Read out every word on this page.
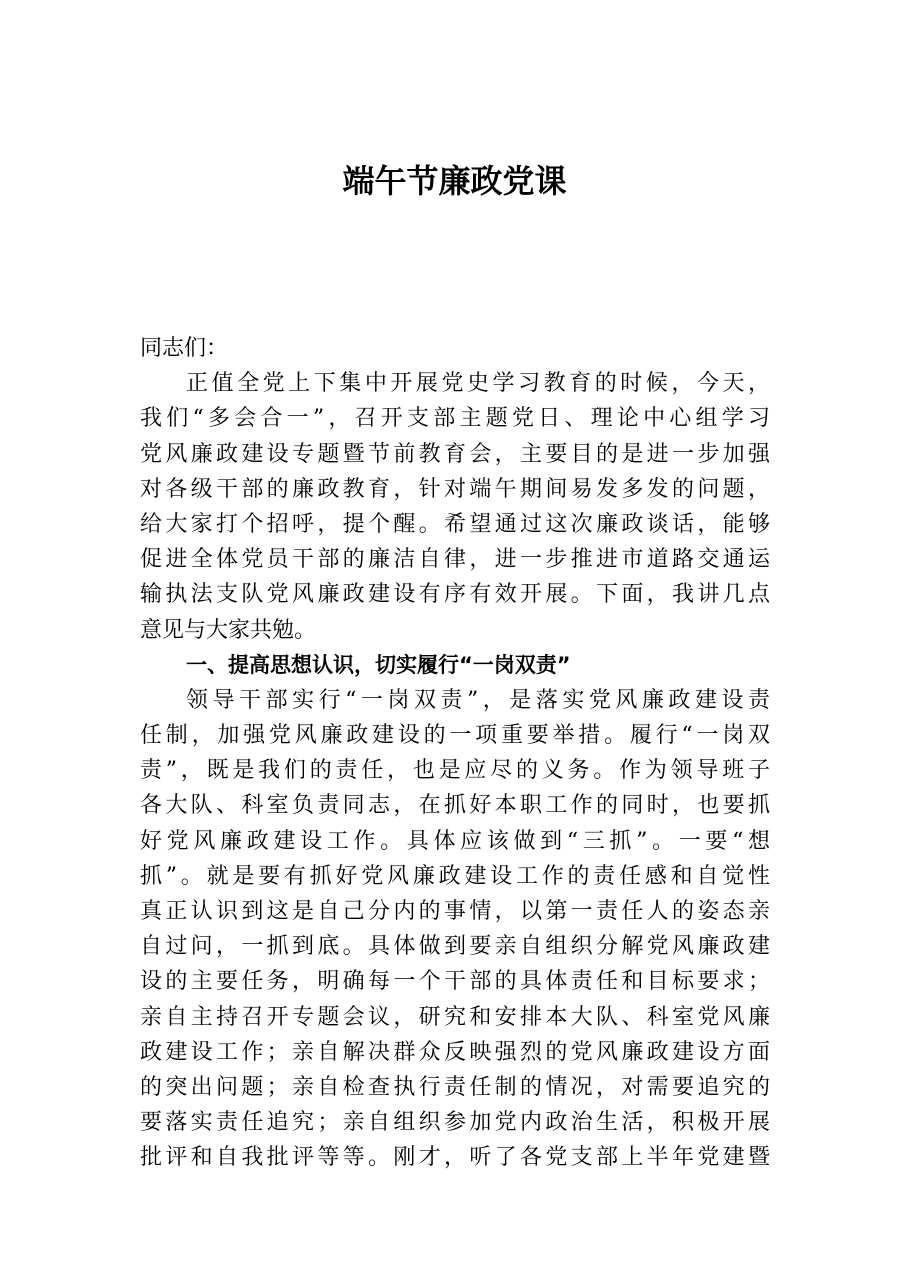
端午节廉政党课
同志们：
正值全党上下集中开展党史学习教育的时候，今天，
我们“多会合一”，召开支部主题党日、理论中心组学习
党风廉政建设专题暨节前教育会，主要目的是进一步加强
对各级干部的廉政教育，针对端午期间易发多发的问题，
给大家打个招呼，提个醒。希望通过这次廉政谈话，能够
促进全体党员干部的廉洁自律，进一步推进市道路交通运
输执法支队党风廉政建设有序有效开展。下面，我讲几点
意见与大家共勉。
一、提高思想认识，切实履行“一岗双责”
领导干部实行“一岗双责”，是落实党风廉政建设责
任制，加强党风廉政建设的一项重要举措。履行“一岗双
责”，既是我们的责任，也是应尽的义务。作为领导班子
各大队、科室负责同志，在抓好本职工作的同时，也要抓
好党风廉政建设工作。具体应该做到“三抓”。一要“想
抓”。就是要有抓好党风廉政建设工作的责任感和自觉性
真正认识到这是自己分内的事情，以第一责任人的姿态亲
自过问，一抓到底。具体做到要亲自组织分解党风廉政建
设的主要任务，明确每一个干部的具体责任和目标要求；
亲自主持召开专题会议，研究和安排本大队、科室党风廉
政建设工作；亲自解决群众反映强烈的党风廉政建设方面
的突出问题；亲自检查执行责任制的情况，对需要追究的
要落实责任追究；亲自组织参加党内政治生活，积极开展
批评和自我批评等等。刚才，听了各党支部上半年党建暨
